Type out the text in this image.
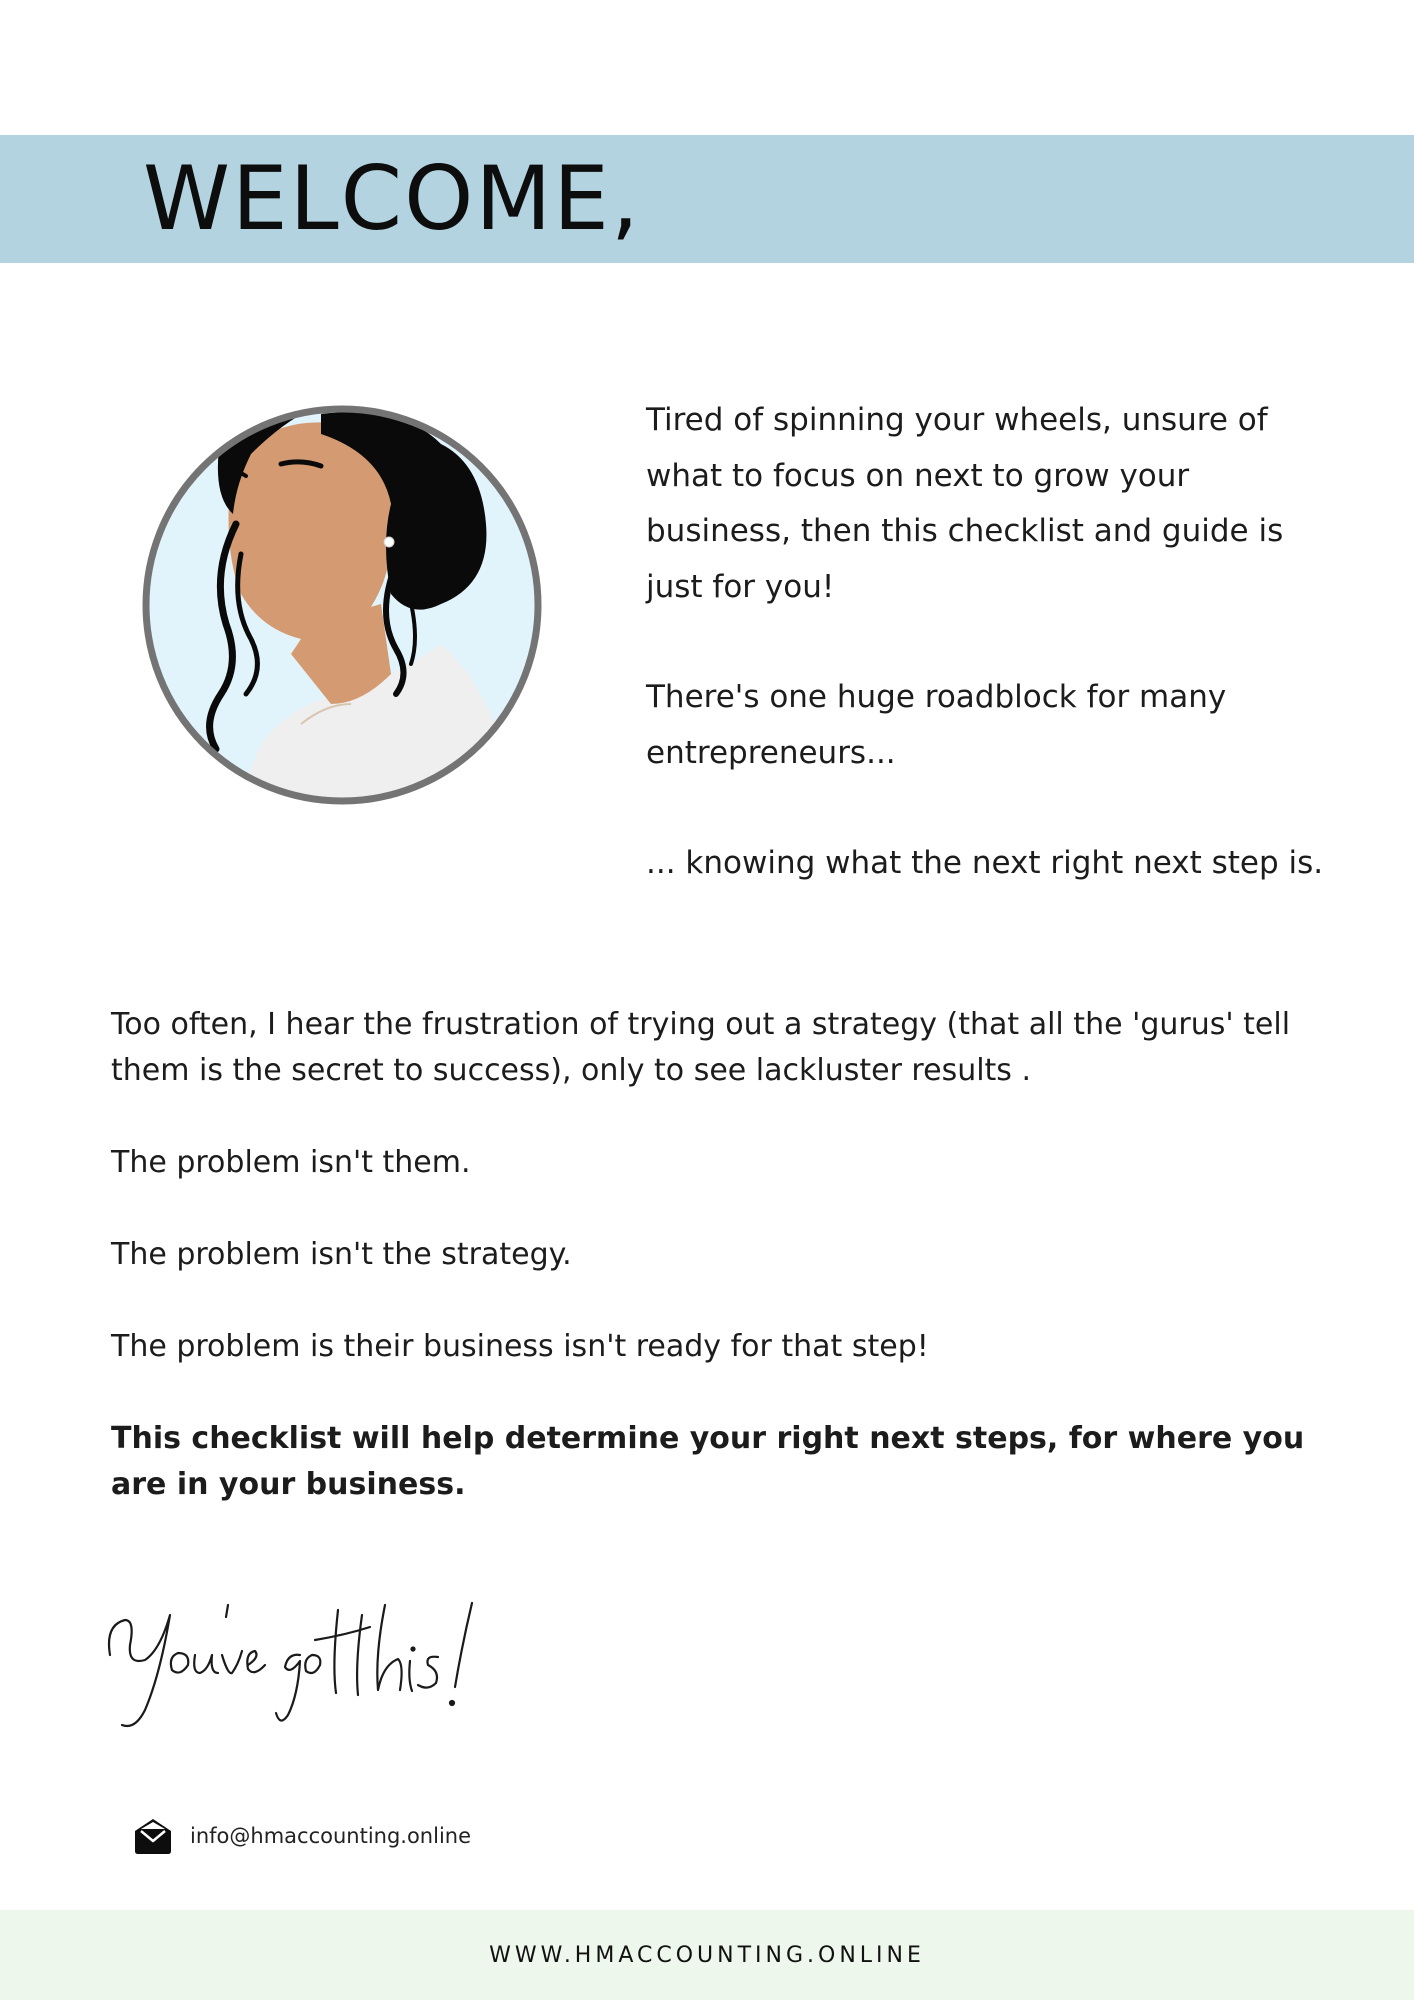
WELCOME,

Tired of spinning your wheels, unsure of what to focus on next to grow your business, then this checklist and guide is just for you!

There's one huge roadblock for many entrepreneurs...

... knowing what the next right next step is.

Too often, I hear the frustration of trying out a strategy (that all the 'gurus' tell them is the secret to success), only to see lackluster results .

The problem isn't them.

The problem isn't the strategy.

The problem is their business isn't ready for that step!

This checklist will help determine your right next steps, for where you are in your business.

info@hmaccounting.online
WWW.HMACCOUNTING.ONLINE
